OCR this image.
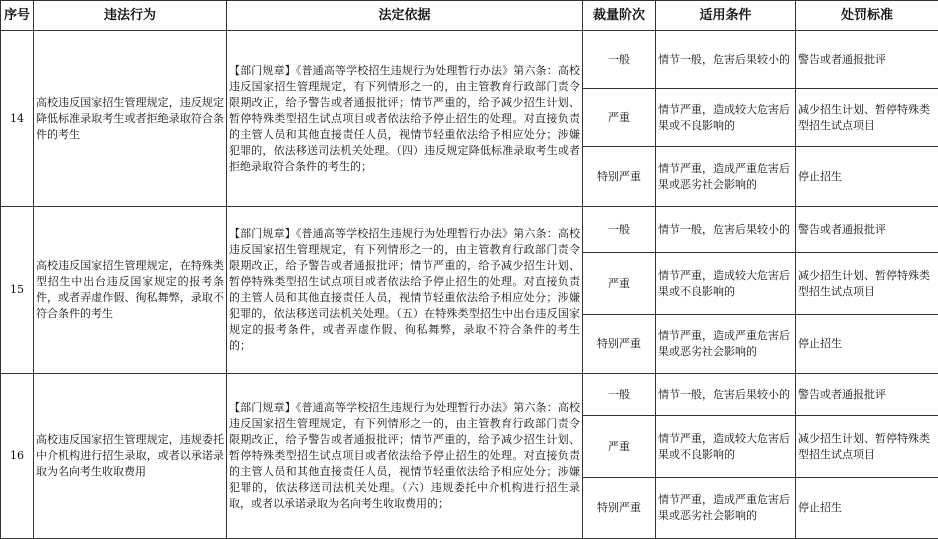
序号	违法行为	法定依据	裁量阶次	适用条件	处罚标准
14	高校违反国家招生管理规定，违反规定降低标准录取考生或者拒绝录取符合条件的考生	【部门规章】《普通高等学校招生违规行为处理暂行办法》第六条：高校违反国家招生管理规定，有下列情形之一的，由主管教育行政部门责令限期改正，给予警告或者通报批评；情节严重的，给予减少招生计划、暂停特殊类型招生试点项目或者依法给予停止招生的处理。对直接负责的主管人员和其他直接责任人员，视情节轻重依法给予相应处分；涉嫌犯罪的，依法移送司法机关处理。（四）违反规定降低标准录取考生或者拒绝录取符合条件的考生的；	一般	情节一般，危害后果较小的	警告或者通报批评
			严重	情节严重，造成较大危害后果或不良影响的	减少招生计划、暂停特殊类型招生试点项目
			特别严重	情节严重，造成严重危害后果或恶劣社会影响的	停止招生
15	高校违反国家招生管理规定，在特殊类型招生中出台违反国家规定的报考条件，或者弄虚作假、徇私舞弊，录取不符合条件的考生	【部门规章】《普通高等学校招生违规行为处理暂行办法》第六条：高校违反国家招生管理规定，有下列情形之一的，由主管教育行政部门责令限期改正，给予警告或者通报批评；情节严重的，给予减少招生计划、暂停特殊类型招生试点项目或者依法给予停止招生的处理。对直接负责的主管人员和其他直接责任人员，视情节轻重依法给予相应处分；涉嫌犯罪的，依法移送司法机关处理。（五）在特殊类型招生中出台违反国家规定的报考条件，或者弄虚作假、徇私舞弊，录取不符合条件的考生的；	一般	情节一般，危害后果较小的	警告或者通报批评
			严重	情节严重，造成较大危害后果或不良影响的	减少招生计划、暂停特殊类型招生试点项目
			特别严重	情节严重，造成严重危害后果或恶劣社会影响的	停止招生
16	高校违反国家招生管理规定，违规委托中介机构进行招生录取，或者以承诺录取为名向考生收取费用	【部门规章】《普通高等学校招生违规行为处理暂行办法》第六条：高校违反国家招生管理规定，有下列情形之一的，由主管教育行政部门责令限期改正，给予警告或者通报批评；情节严重的，给予减少招生计划、暂停特殊类型招生试点项目或者依法给予停止招生的处理。对直接负责的主管人员和其他直接责任人员，视情节轻重依法给予相应处分；涉嫌犯罪的，依法移送司法机关处理。（六）违规委托中介机构进行招生录取，或者以承诺录取为名向考生收取费用的；	一般	情节一般，危害后果较小的	警告或者通报批评
			严重	情节严重，造成较大危害后果或不良影响的	减少招生计划、暂停特殊类型招生试点项目
			特别严重	情节严重，造成严重危害后果或恶劣社会影响的	停止招生
